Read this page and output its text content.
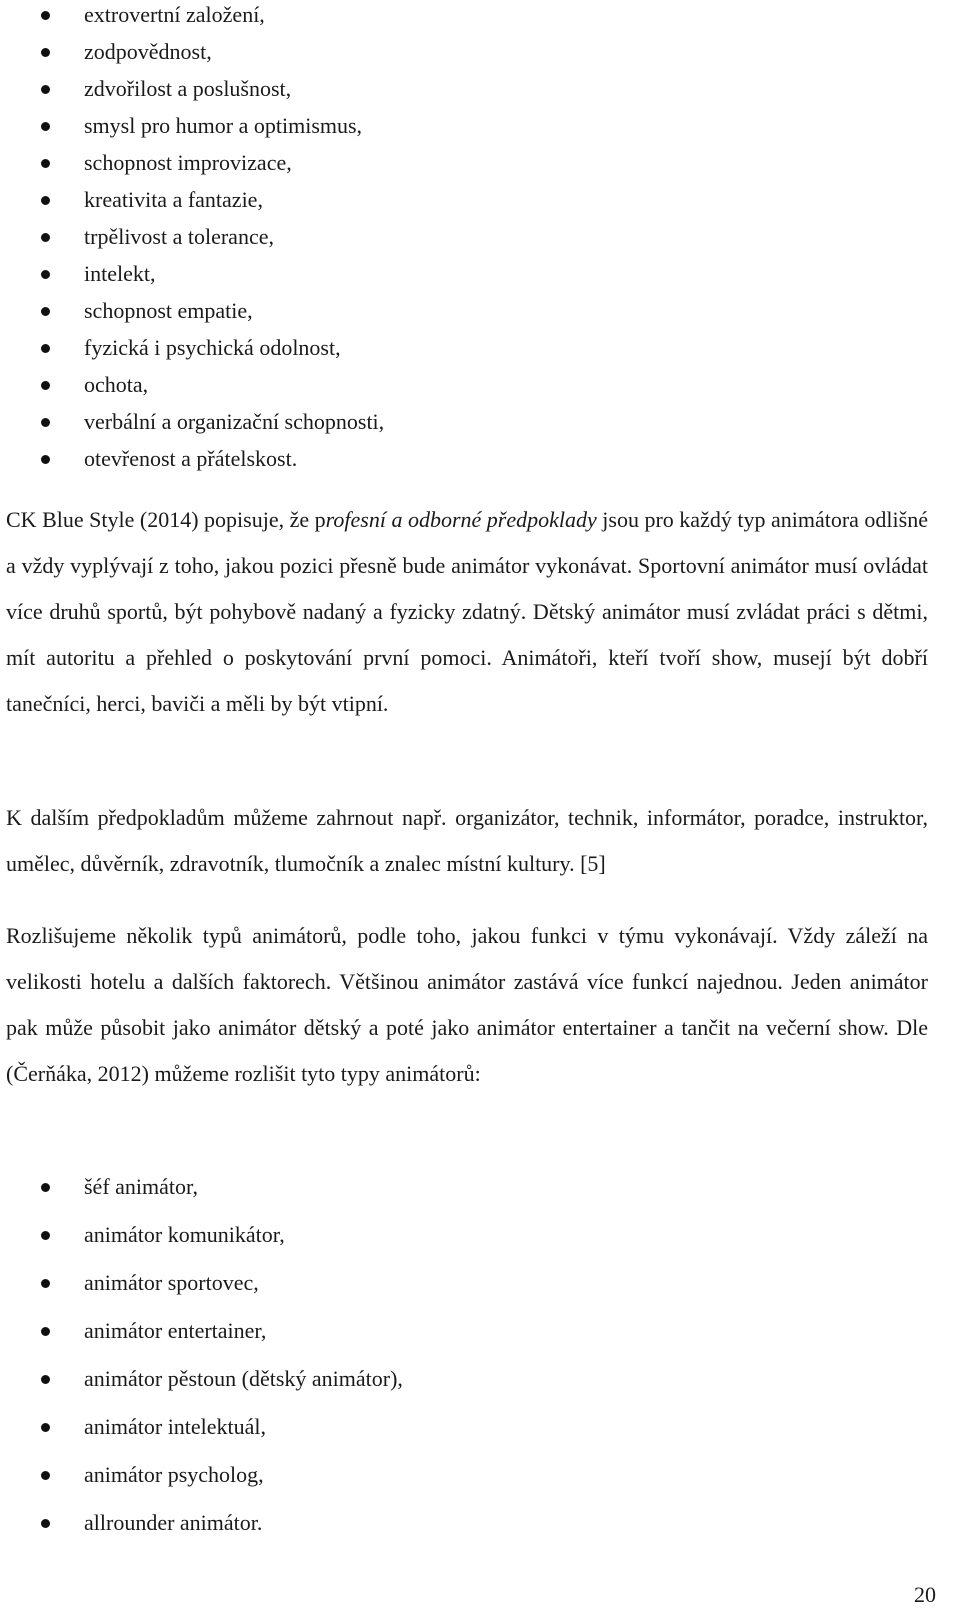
extrovertní založení,
zodpovědnost,
zdvořilost a poslušnost,
smysl pro humor a optimismus,
schopnost improvizace,
kreativita a fantazie,
trpělivost a tolerance,
intelekt,
schopnost empatie,
fyzická i psychická odolnost,
ochota,
verbální a organizační schopnosti,
otevřenost a přátelskost.

CK Blue Style (2014) popisuje, že profesní a odborné předpoklady jsou pro každý typ animátora odlišné a vždy vyplývají z toho, jakou pozici přesně bude animátor vykonávat. Sportovní animátor musí ovládat více druhů sportů, být pohybově nadaný a fyzicky zdatný. Dětský animátor musí zvládat práci s dětmi, mít autoritu a přehled o poskytování první pomoci. Animátoři, kteří tvoří show, musejí být dobří tanečníci, herci, baviči a měli by být vtipní.

K dalším předpokladům můžeme zahrnout např. organizátor, technik, informátor, poradce, instruktor, umělec, důvěrník, zdravotník, tlumočník a znalec místní kultury. [5]

Rozlišujeme několik typů animátorů, podle toho, jakou funkci v týmu vykonávají. Vždy záleží na velikosti hotelu a dalších faktorech. Většinou animátor zastává více funkcí najednou. Jeden animátor pak může působit jako animátor dětský a poté jako animátor entertainer a tančit na večerní show. Dle (Čerňáka, 2012) můžeme rozlišit tyto typy animátorů:

šéf animátor,
animátor komunikátor,
animátor sportovec,
animátor entertainer,
animátor pěstoun (dětský animátor),
animátor intelektuál,
animátor psycholog,
allrounder animátor.
20
